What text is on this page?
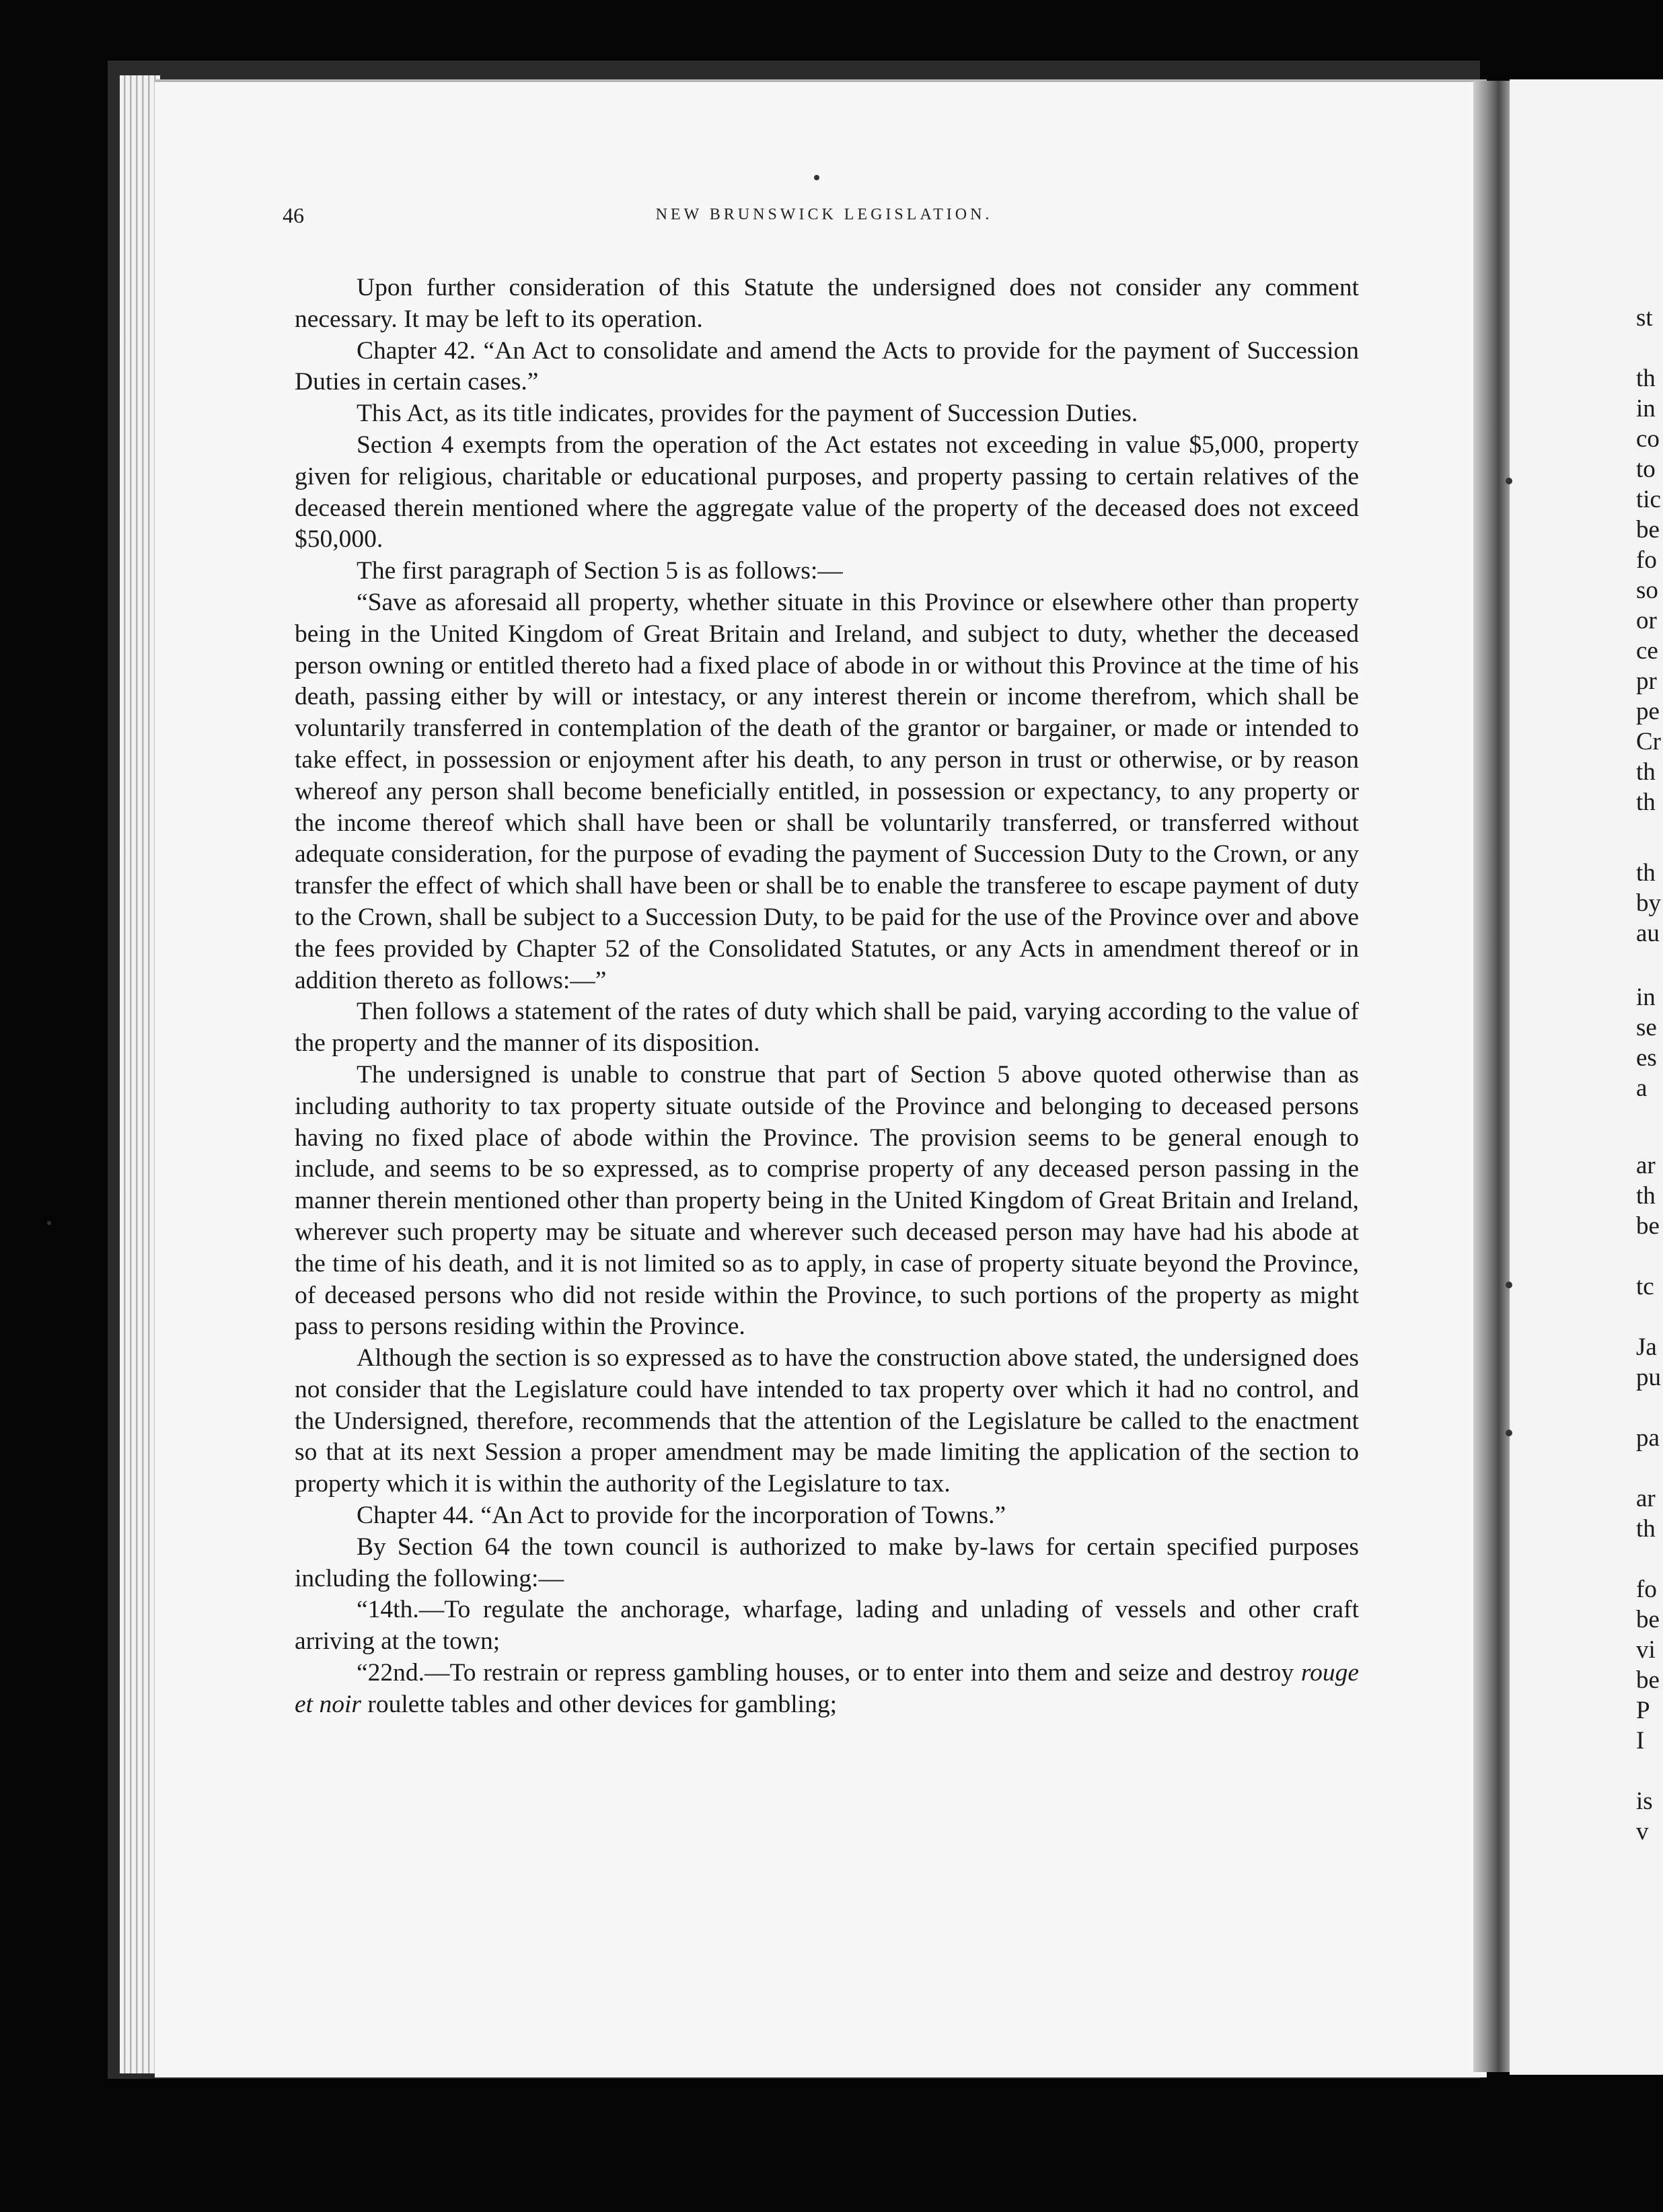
46	NEW BRUNSWICK LEGISLATION.

Upon further consideration of this Statute the undersigned does not consider any comment necessary. It may be left to its operation.

Chapter 42. “An Act to consolidate and amend the Acts to provide for the payment of Succession Duties in certain cases.”

This Act, as its title indicates, provides for the payment of Succession Duties.

Section 4 exempts from the operation of the Act estates not exceeding in value $5,000, property given for religious, charitable or educational purposes, and property passing to certain relatives of the deceased therein mentioned where the aggregate value of the property of the deceased does not exceed $50,000.

The first paragraph of Section 5 is as follows:—

“Save as aforesaid all property, whether situate in this Province or elsewhere other than property being in the United Kingdom of Great Britain and Ireland, and subject to duty, whether the deceased person owning or entitled thereto had a fixed place of abode in or without this Province at the time of his death, passing either by will or intestacy, or any interest therein or income therefrom, which shall be voluntarily transferred in contemplation of the death of the grantor or bargainer, or made or intended to take effect, in possession or enjoyment after his death, to any person in trust or otherwise, or by reason whereof any person shall become beneficially entitled, in possession or expectancy, to any property or the income thereof which shall have been or shall be voluntarily transferred, or transferred without adequate consideration, for the purpose of evading the payment of Succession Duty to the Crown, or any transfer the effect of which shall have been or shall be to enable the transferee to escape payment of duty to the Crown, shall be subject to a Succession Duty, to be paid for the use of the Province over and above the fees provided by Chapter 52 of the Consolidated Statutes, or any Acts in amendment thereof or in addition thereto as follows:—”

Then follows a statement of the rates of duty which shall be paid, varying according to the value of the property and the manner of its disposition.

The undersigned is unable to construe that part of Section 5 above quoted otherwise than as including authority to tax property situate outside of the Province and belonging to deceased persons having no fixed place of abode within the Province. The provision seems to be general enough to include, and seems to be so expressed, as to comprise property of any deceased person passing in the manner therein mentioned other than property being in the United Kingdom of Great Britain and Ireland, wherever such property may be situate and wherever such deceased person may have had his abode at the time of his death, and it is not limited so as to apply, in case of property situate beyond the Province, of deceased persons who did not reside within the Province, to such portions of the property as might pass to persons residing within the Province.

Although the section is so expressed as to have the construction above stated, the undersigned does not consider that the Legislature could have intended to tax property over which it had no control, and the Undersigned, therefore, recommends that the attention of the Legislature be called to the enactment so that at its next Session a proper amendment may be made limiting the application of the section to property which it is within the authority of the Legislature to tax.

Chapter 44. “An Act to provide for the incorporation of Towns.”

By Section 64 the town council is authorized to make by-laws for certain specified purposes including the following:—

“14th.—To regulate the anchorage, wharfage, lading and unlading of vessels and other craft arriving at the town;

“22nd.—To restrain or repress gambling houses, or to enter into them and seize and destroy rouge et noir roulette tables and other devices for gambling;

st
th
in
co
to
tic
be
fo
so
or
ce
pr
pe
Cr
th
th
th
by
au
in
se
es
a
ar
th
be
tc
Ja
pu
pa
ar
th
fo
be
vi
be
P
I
is
v
